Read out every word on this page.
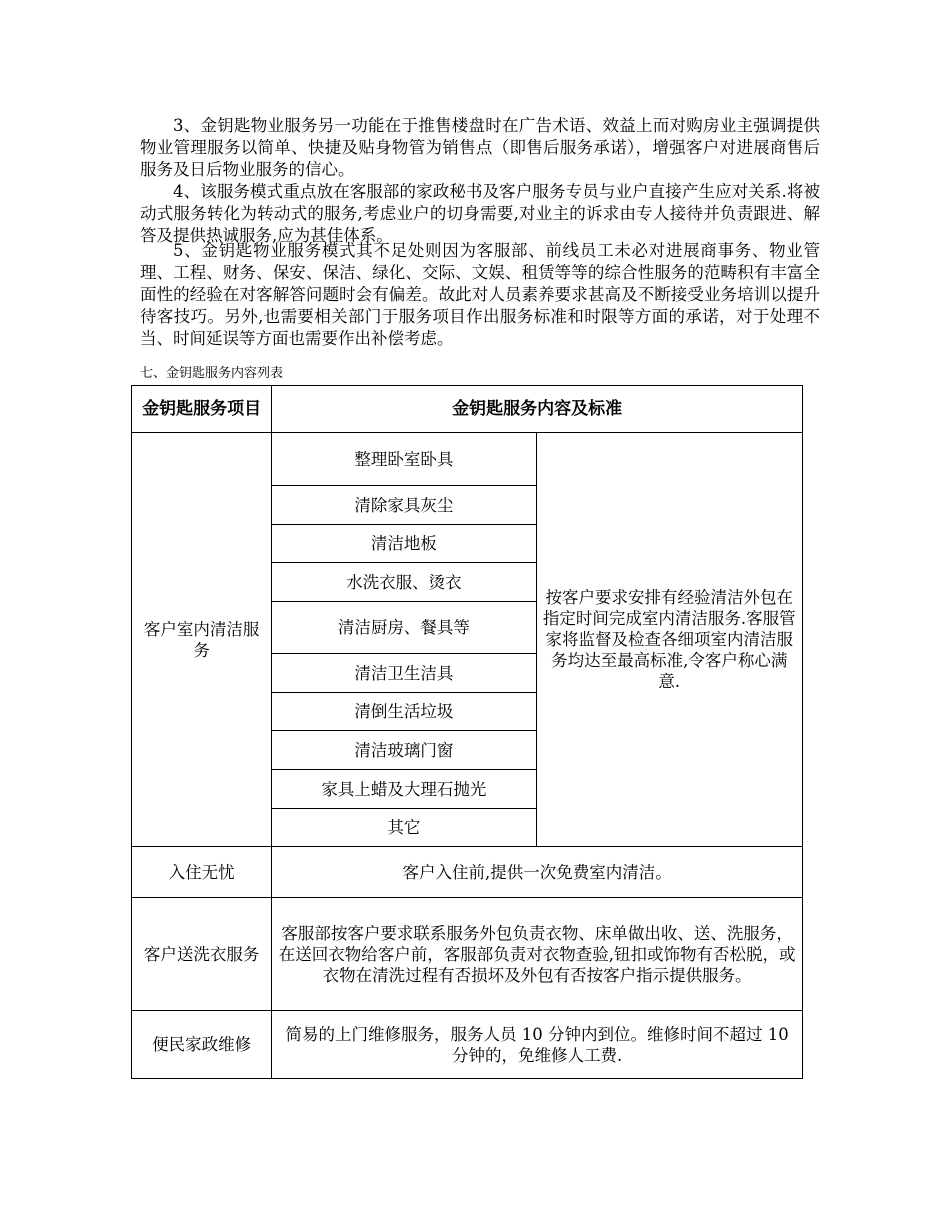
3、金钥匙物业服务另一功能在于推售楼盘时在广告术语、效益上而对购房业主强调提供物业管理服务以简单、快捷及贴身物管为销售点（即售后服务承诺），增强客户对进展商售后服务及日后物业服务的信心。

4、该服务模式重点放在客服部的家政秘书及客户服务专员与业户直接产生应对关系.将被动式服务转化为转动式的服务,考虑业户的切身需要,对业主的诉求由专人接待并负责跟进、解答及提供热诚服务,应为甚佳体系。

5、金钥匙物业服务模式其不足处则因为客服部、前线员工未必对进展商事务、物业管理、工程、财务、保安、保洁、绿化、交际、文娱、租赁等等的综合性服务的范畴积有丰富全面性的经验在对客解答问题时会有偏差。故此对人员素养要求甚高及不断接受业务培训以提升待客技巧。另外,也需要相关部门于服务项目作出服务标准和时限等方面的承诺，对于处理不当、时间延误等方面也需要作出补偿考虑。

七、金钥匙服务内容列表

金钥匙服务项目	金钥匙服务内容及标准	
客户室内清洁服务	整理卧室卧具	按客户要求安排有经验清洁外包在指定时间完成室内清洁服务.客服管家将监督及检查各细项室内清洁服务均达至最高标准,令客户称心满意.
	清除家具灰尘	
	清洁地板	
	水洗衣服、烫衣	
	清洁厨房、餐具等	
	清洁卫生洁具	
	清倒生活垃圾	
	清洁玻璃门窗	
	家具上蜡及大理石抛光	
	其它	
入住无忧	客户入住前,提供一次免费室内清洁。	
客户送洗衣服务	客服部按客户要求联系服务外包负责衣物、床单做出收、送、洗服务，在送回衣物给客户前，客服部负责对衣物查验,钮扣或饰物有否松脱，或衣物在清洗过程有否损坏及外包有否按客户指示提供服务。	
便民家政维修	简易的上门维修服务，服务人员 10 分钟内到位。维修时间不超过 10 分钟的，免维修人工费.	
